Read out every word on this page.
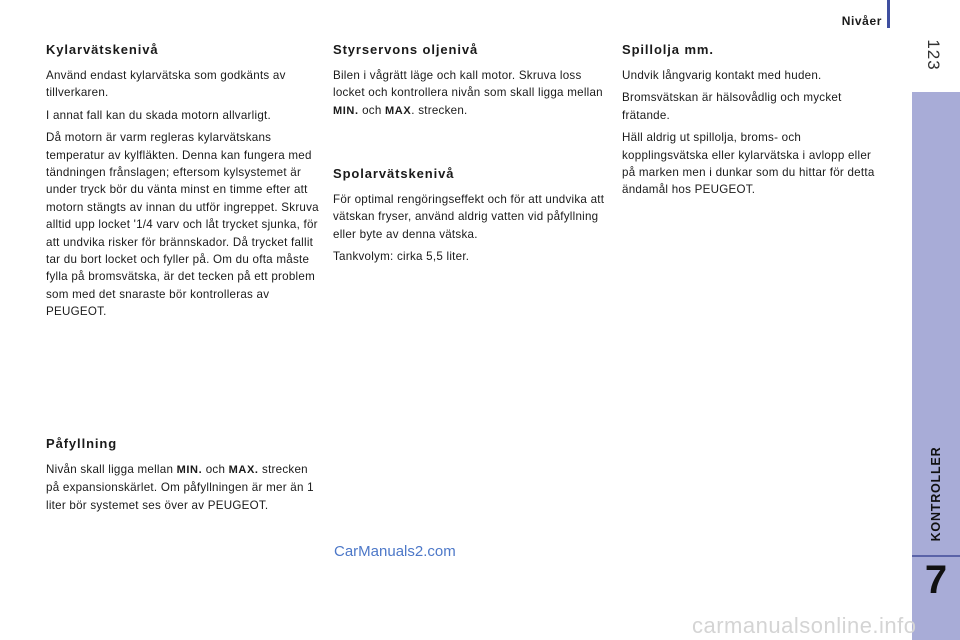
Nivåer
123
KONTROLLER
7
Kylarvätskenivå

Använd endast kylarvätska som godkänts av tillverkaren.

I annat fall kan du skada motorn allvarligt.

Då motorn är varm regleras kylarvätskans temperatur av kylfläkten. Denna kan fungera med tändningen frånslagen; eftersom kylsystemet är under tryck bör du vänta minst en timme efter att motorn stängts av innan du utför ingreppet. Skruva alltid upp locket '1/4 varv och låt trycket sjunka, för att undvika risker för brännskador. Då trycket fallit tar du bort locket och fyller på. Om du ofta måste fylla på bromsvätska, är det tecken på ett problem som med det snaraste bör kontrolleras av PEUGEOT.

Påfyllning

Nivån skall ligga mellan MIN. och MAX. strecken på expansionskärlet. Om påfyllningen är mer än 1 liter bör systemet ses över av PEUGEOT.

Styrservons oljenivå

Bilen i vågrätt läge och kall motor. Skruva loss locket och kontrollera nivån som skall ligga mellan MIN. och MAX. strecken.

Spolarvätskenivå

För optimal rengöringseffekt och för att undvika att vätskan fryser, använd aldrig vatten vid påfyllning eller byte av denna vätska.

Tankvolym: cirka 5,5 liter.

Spillolja mm.

Undvik långvarig kontakt med huden.

Bromsvätskan är hälsovådlig och mycket frätande.

Häll aldrig ut spillolja, broms- och kopplingsvätska eller kylarvätska i avlopp eller på marken men i dunkar som du hittar för detta ändamål hos PEUGEOT.

CarManuals2.com
carmanualsonline.info
